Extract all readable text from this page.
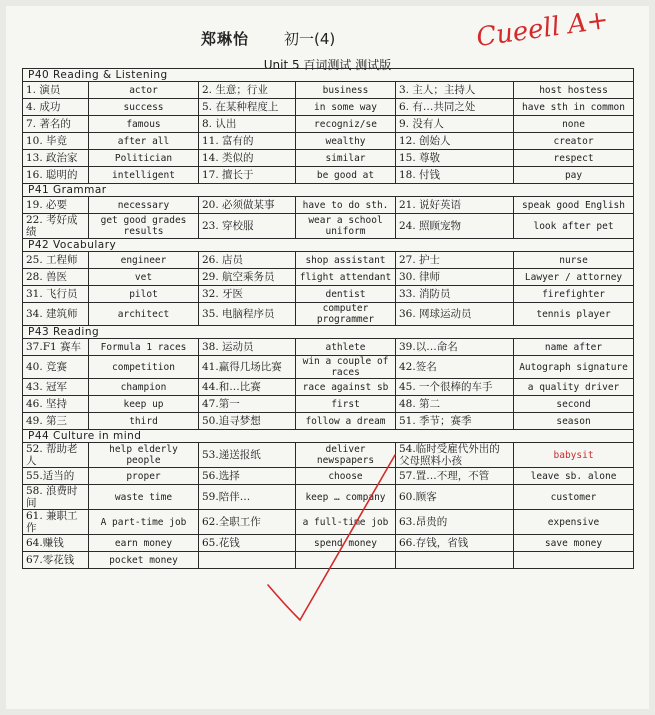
郑琳怡 初一(4)	Cueell A+
Unit 5 百词测试 测试版
P40 Reading & Listening					
1. 演员	actor	2. 生意；行业	business	3. 主人；主持人	host hostess
4. 成功	success	5. 在某种程度上	in some way	6. 有…共同之处	have sth in common
7. 著名的	famous	8. 认出	recogniz/se	9. 没有人	none
10. 毕竟	after all	11. 富有的	wealthy	12. 创始人	creator
13. 政治家	Politician	14. 类似的	similar	15. 尊敬	respect
16. 聪明的	intelligent	17. 擅长于	be good at	18. 付钱	pay
P41 Grammar					
19. 必要	necessary	20. 必须做某事	have to do sth.	21. 说好英语	speak good English
22. 考好成绩	get good grades results	23. 穿校服	wear a school uniform	24. 照顾宠物	look after pet
P42 Vocabulary					
25. 工程师	engineer	26. 店员	shop assistant	27. 护士	nurse
28. 兽医	vet	29. 航空乘务员	flight attendant	30. 律师	Lawyer / attorney
31. 飞行员	pilot	32. 牙医	dentist	33. 消防员	firefighter
34. 建筑师	architect	35. 电脑程序员	computer programmer	36. 网球运动员	tennis player
P43 Reading					
37.F1 赛车	Formula 1 races	38. 运动员	athlete	39.以…命名	name after
40. 竞赛	competition	41.赢得几场比赛	win a couple of races	42.签名	Autograph signature
43. 冠军	champion	44.和…比赛	race against sb	45. 一个很棒的车手	a quality driver
46. 坚持	keep up	47.第一	first	48. 第二	second
49. 第三	third	50.追寻梦想	follow a dream	51. 季节；赛季	season
P44 Culture in mind					
52. 帮助老人	help elderly people	53.递送报纸	deliver newspapers	54.临时受雇代外出的父母照料小孩	babysit
55.适当的	proper	56.选择	choose	57.置…不理，不管	leave sb. alone
58. 浪费时间	waste time	59.陪伴…	keep … company	60.顾客	customer
61. 兼职工作	A part-time job	62.全职工作	a full-time job	63.昂贵的	expensive
64.赚钱	earn money	65.花钱	spend money	66.存钱，省钱	save money
67.零花钱	pocket money				
